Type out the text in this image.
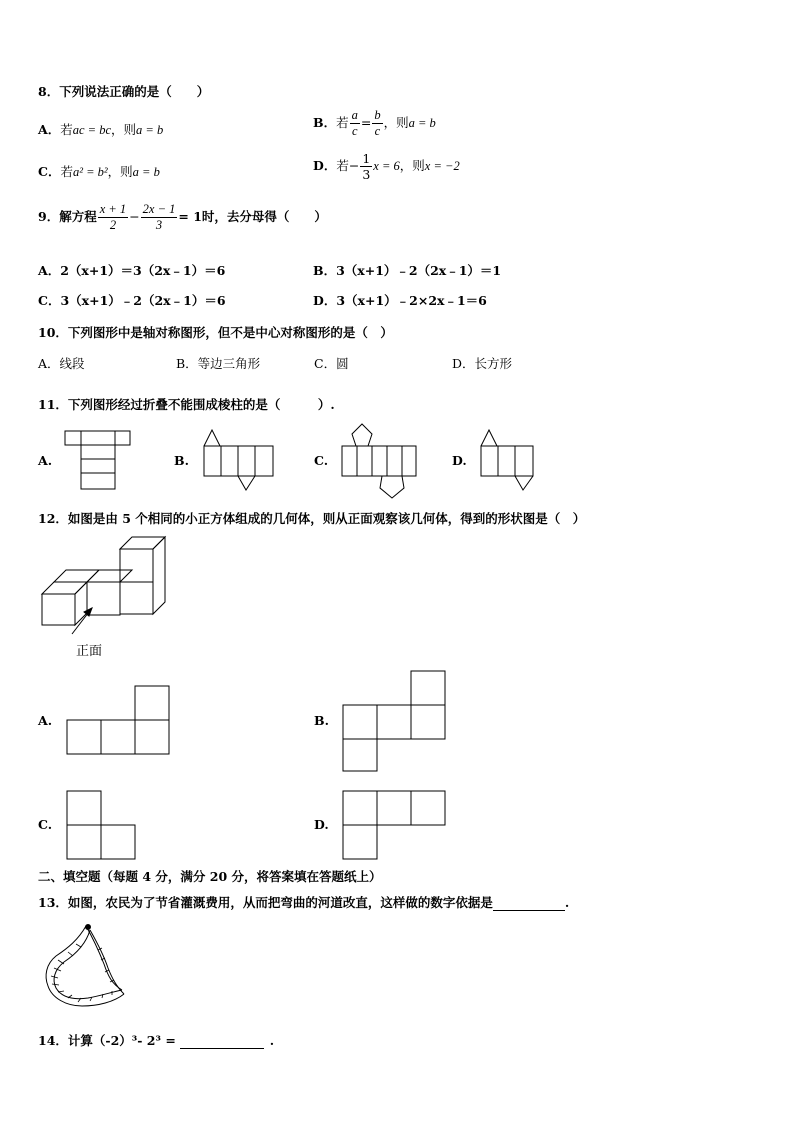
8．下列说法正确的是（　　）
A．若ac = bc，则a = b	B．若 $\frac{a}{c} = \frac{b}{c}$ ，则a = b
C．若a² = b²，则a = b	D．若− $\frac{1}{3}$ x = 6，则x = −2
9．解方程 $\frac{x + 1}{2} - \frac{2x - 1}{3} = 1$时，去分母得（　　）
A．2（x+1）＝3（2x﹣1）＝6	B．3（x+1）﹣2（2x﹣1）＝1
C．3（x+1）﹣2（2x﹣1）＝6	D．3（x+1）﹣2×2x﹣1＝6
10．下列图形中是轴对称图形，但不是中心对称图形的是（　）
A．线段	B．等边三角形	C．圆	D．长方形
11．下列图形经过折叠不能围成棱柱的是（　　　）.
A.	B.	C.	D.
12．如图是由 5 个相同的小正方体组成的几何体，则从正面观察该几何体，得到的形状图是（　）
正面
A.	B.
C.	D.
二、填空题（每题 4 分，满分 20 分，将答案填在答题纸上）
13．如图，农民为了节省灌溉费用，从而把弯曲的河道改直，这样做的数字依据是	.
14．计算（-2）³- 2³ =	.
